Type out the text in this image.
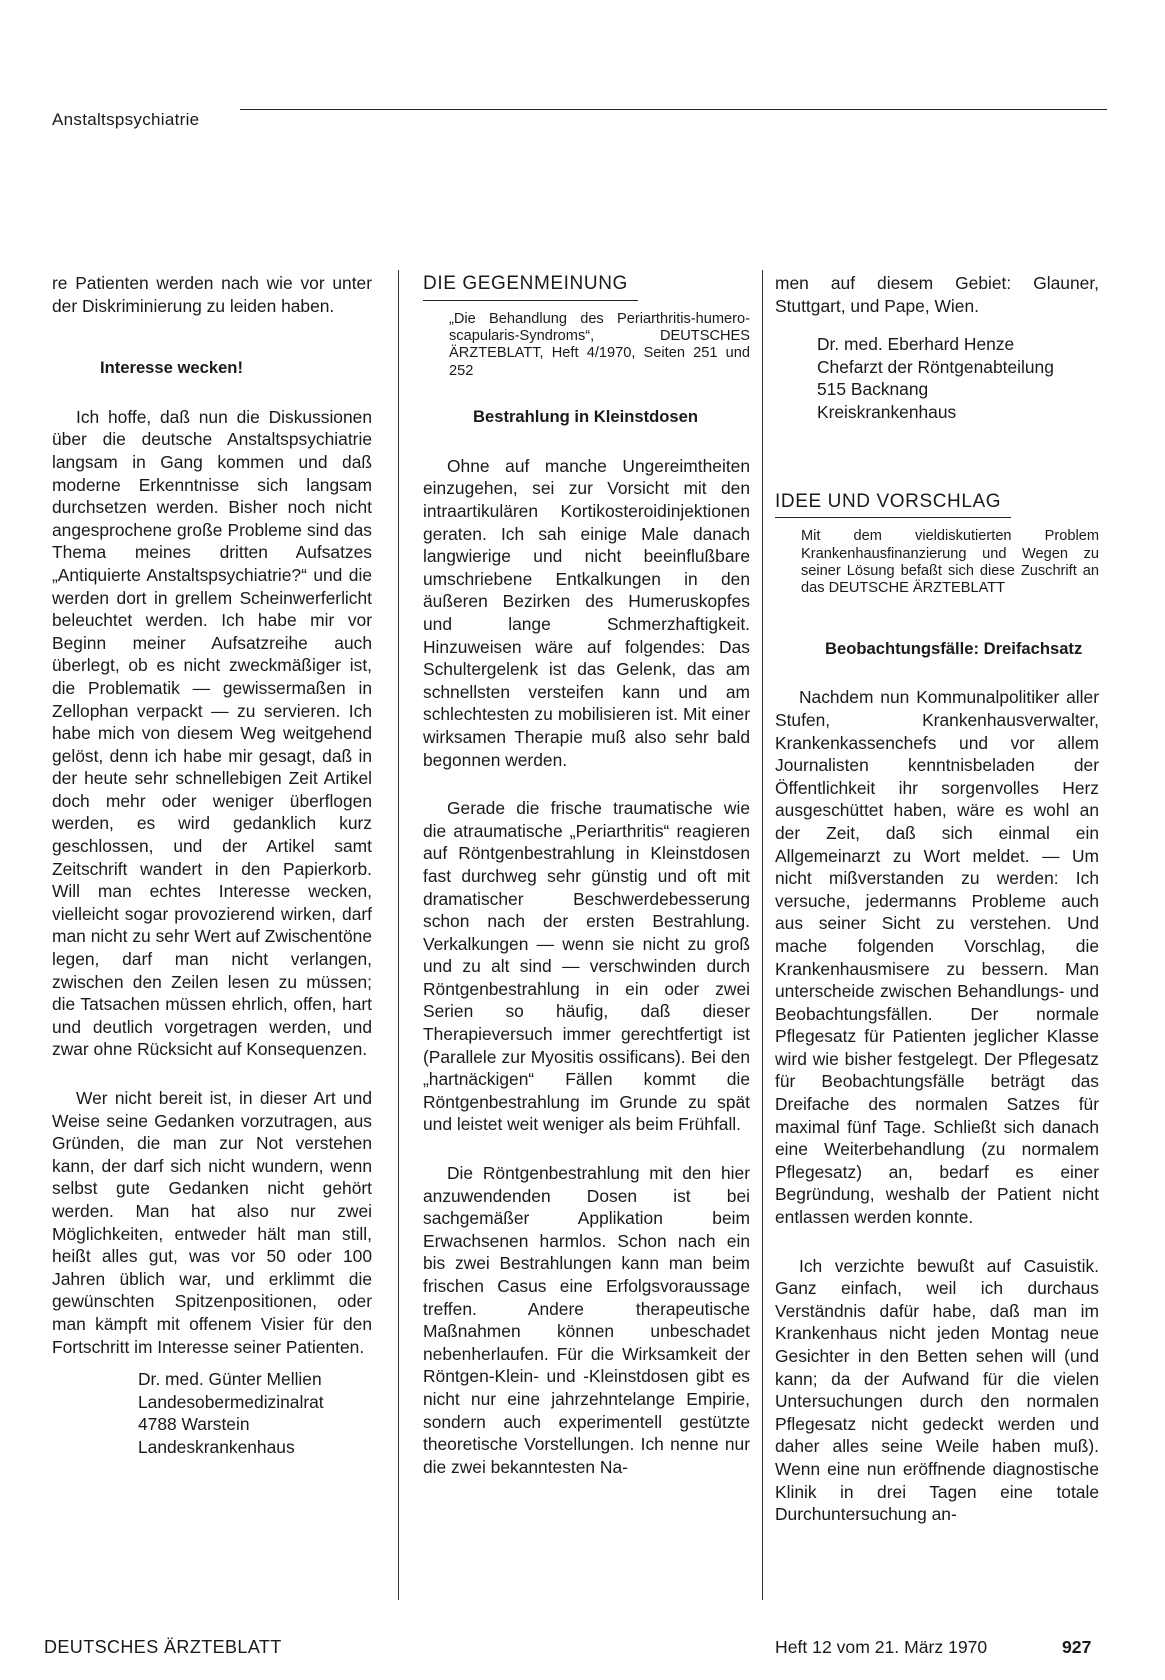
Anstaltspsychiatrie

re Patienten werden nach wie vor unter der Diskriminierung zu leiden haben.

Interesse wecken!

Ich hoffe, daß nun die Diskussionen über die deutsche Anstaltspsychiatrie langsam in Gang kommen und daß moderne Erkenntnisse sich langsam durchsetzen werden. Bisher noch nicht angesprochene große Probleme sind das Thema meines dritten Aufsatzes „Antiquierte Anstaltspsychiatrie?“ und die werden dort in grellem Scheinwerferlicht beleuchtet werden. Ich habe mir vor Beginn meiner Aufsatzreihe auch überlegt, ob es nicht zweckmäßiger ist, die Problematik — gewissermaßen in Zellophan verpackt — zu servieren. Ich habe mich von diesem Weg weitgehend gelöst, denn ich habe mir gesagt, daß in der heute sehr schnellebigen Zeit Artikel doch mehr oder weniger überflogen werden, es wird gedanklich kurz geschlossen, und der Artikel samt Zeitschrift wandert in den Papierkorb. Will man echtes Interesse wecken, vielleicht sogar provozierend wirken, darf man nicht zu sehr Wert auf Zwischentöne legen, darf man nicht verlangen, zwischen den Zeilen lesen zu müssen; die Tatsachen müssen ehrlich, offen, hart und deutlich vorgetragen werden, und zwar ohne Rücksicht auf Konsequenzen.

Wer nicht bereit ist, in dieser Art und Weise seine Gedanken vorzutragen, aus Gründen, die man zur Not verstehen kann, der darf sich nicht wundern, wenn selbst gute Gedanken nicht gehört werden. Man hat also nur zwei Möglichkeiten, entweder hält man still, heißt alles gut, was vor 50 oder 100 Jahren üblich war, und erklimmt die gewünschten Spitzenpositionen, oder man kämpft mit offenem Visier für den Fortschritt im Interesse seiner Patienten.

Dr. med. Günter Mellien
Landesobermedizinalrat
4788 Warstein
Landeskrankenhaus
DIE GEGENMEINUNG
„Die Behandlung des Periarthritis-humero-scapularis-Syndroms“, DEUTSCHES ÄRZTEBLATT, Heft 4/1970, Seiten 251 und 252

Bestrahlung in Kleinstdosen

Ohne auf manche Ungereimtheiten einzugehen, sei zur Vorsicht mit den intraartikulären Kortikosteroidinjektionen geraten. Ich sah einige Male danach langwierige und nicht beeinflußbare umschriebene Entkalkungen in den äußeren Bezirken des Humeruskopfes und lange Schmerzhaftigkeit. Hinzuweisen wäre auf folgendes: Das Schultergelenk ist das Gelenk, das am schnellsten versteifen kann und am schlechtesten zu mobilisieren ist. Mit einer wirksamen Therapie muß also sehr bald begonnen werden.

Gerade die frische traumatische wie die atraumatische „Periarthritis“ reagieren auf Röntgenbestrahlung in Kleinstdosen fast durchweg sehr günstig und oft mit dramatischer Beschwerdebesserung schon nach der ersten Bestrahlung. Verkalkungen — wenn sie nicht zu groß und zu alt sind — verschwinden durch Röntgenbestrahlung in ein oder zwei Serien so häufig, daß dieser Therapieversuch immer gerechtfertigt ist (Parallele zur Myositis ossificans). Bei den „hartnäckigen“ Fällen kommt die Röntgenbestrahlung im Grunde zu spät und leistet weit weniger als beim Frühfall.

Die Röntgenbestrahlung mit den hier anzuwendenden Dosen ist bei sachgemäßer Applikation beim Erwachsenen harmlos. Schon nach ein bis zwei Bestrahlungen kann man beim frischen Casus eine Erfolgsvoraussage treffen. Andere therapeutische Maßnahmen können unbeschadet nebenherlaufen. Für die Wirksamkeit der Röntgen-Klein- und -Kleinstdosen gibt es nicht nur eine jahrzehntelange Empirie, sondern auch experimentell gestützte theoretische Vorstellungen. Ich nenne nur die zwei bekanntesten Na-

men auf diesem Gebiet: Glauner, Stuttgart, und Pape, Wien.

Dr. med. Eberhard Henze
Chefarzt der Röntgenabteilung
515 Backnang
Kreiskrankenhaus
IDEE UND VORSCHLAG
Mit dem vieldiskutierten Problem Krankenhausfinanzierung und Wegen zu seiner Lösung befaßt sich diese Zuschrift an das DEUTSCHE ÄRZTEBLATT

Beobachtungsfälle: Dreifachsatz

Nachdem nun Kommunalpolitiker aller Stufen, Krankenhausverwalter, Krankenkassenchefs und vor allem Journalisten kenntnisbeladen der Öffentlichkeit ihr sorgenvolles Herz ausgeschüttet haben, wäre es wohl an der Zeit, daß sich einmal ein Allgemeinarzt zu Wort meldet. — Um nicht mißverstanden zu werden: Ich versuche, jedermanns Probleme auch aus seiner Sicht zu verstehen. Und mache folgenden Vorschlag, die Krankenhausmisere zu bessern. Man unterscheide zwischen Behandlungs- und Beobachtungsfällen. Der normale Pflegesatz für Patienten jeglicher Klasse wird wie bisher festgelegt. Der Pflegesatz für Beobachtungsfälle beträgt das Dreifache des normalen Satzes für maximal fünf Tage. Schließt sich danach eine Weiterbehandlung (zu normalem Pflegesatz) an, bedarf es einer Begründung, weshalb der Patient nicht entlassen werden konnte.

Ich verzichte bewußt auf Casuistik. Ganz einfach, weil ich durchaus Verständnis dafür habe, daß man im Krankenhaus nicht jeden Montag neue Gesichter in den Betten sehen will (und kann; da der Aufwand für die vielen Untersuchungen durch den normalen Pflegesatz nicht gedeckt werden und daher alles seine Weile haben muß). Wenn eine nun eröffnende diagnostische Klinik in drei Tagen eine totale Durchuntersuchung an-

DEUTSCHES ÄRZTEBLATT	Heft 12 vom 21. März 1970	927
